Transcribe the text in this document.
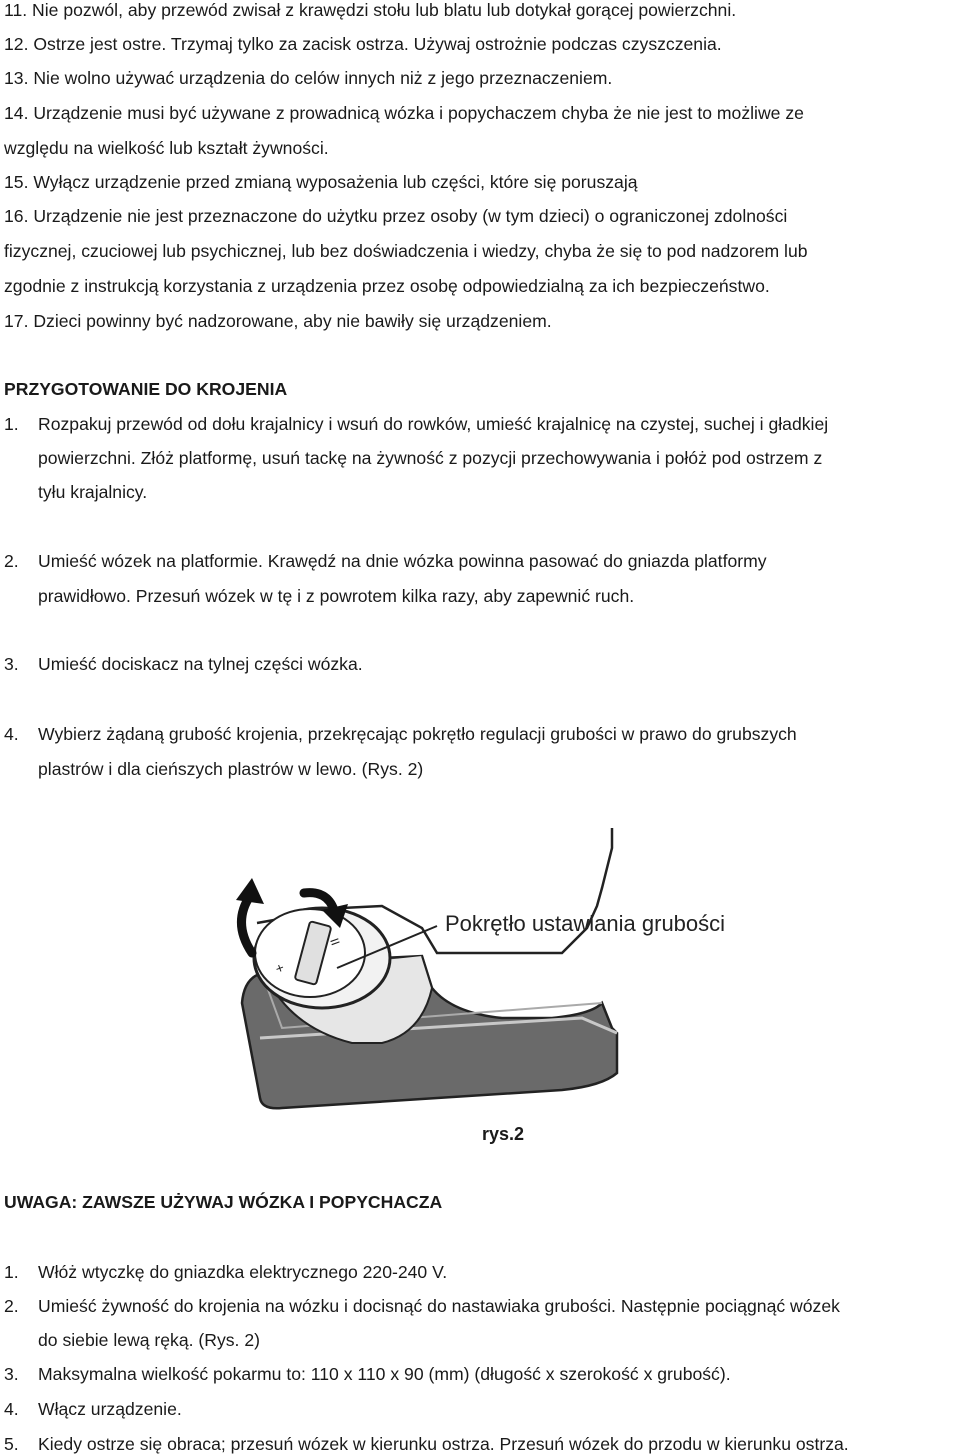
11. Nie pozwól, aby przewód zwisał z krawędzi stołu lub blatu lub dotykał gorącej powierzchni.

12. Ostrze jest ostre. Trzymaj tylko za zacisk ostrza. Używaj ostrożnie podczas czyszczenia.

13. Nie wolno używać urządzenia do celów innych niż z jego przeznaczeniem.

14. Urządzenie musi być używane z prowadnicą wózka i popychaczem chyba że nie jest to możliwe ze

względu na wielkość lub kształt żywności.

15. Wyłącz urządzenie przed zmianą wyposażenia lub części, które się poruszają

16. Urządzenie nie jest przeznaczone do użytku przez osoby (w tym dzieci) o ograniczonej zdolności

fizycznej, czuciowej lub psychicznej, lub bez doświadczenia i wiedzy, chyba że się to pod nadzorem lub

zgodnie z instrukcją korzystania z urządzenia przez osobę odpowiedzialną za ich bezpieczeństwo.

17. Dzieci powinny być nadzorowane, aby nie bawiły się urządzeniem.

PRZYGOTOWANIE DO KROJENIA

1. Rozpakuj przewód od dołu krajalnicy i wsuń do rowków, umieść krajalnicę na czystej, suchej i gładkiej

powierzchni. Złóż platformę, usuń tackę na żywność z pozycji przechowywania i połóż pod ostrzem z

tyłu krajalnicy.

2. Umieść wózek na platformie. Krawędź na dnie wózka powinna pasować do gniazda platformy

prawidłowo. Przesuń wózek w tę i z powrotem kilka razy, aby zapewnić ruch.

3. Umieść dociskacz na tylnej części wózka.

4. Wybierz żądaną grubość krojenia, przekręcając pokrętło regulacji grubości w prawo do grubszych

plastrów i dla cieńszych plastrów w lewo. (Rys. 2)

+
II
Pokrętło ustawiania grubości
rys.2

UWAGA: ZAWSZE UŻYWAJ WÓZKA I POPYCHACZA

1. Włóż wtyczkę do gniazdka elektrycznego 220-240 V.

2. Umieść żywność do krojenia na wózku i docisnąć do nastawiaka grubości. Następnie pociągnąć wózek

do siebie lewą ręką. (Rys. 2)

3. Maksymalna wielkość pokarmu to: 110 x 110 x 90 (mm) (długość x szerokość x grubość).

4. Włącz urządzenie.

5. Kiedy ostrze się obraca; przesuń wózek w kierunku ostrza. Przesuń wózek do przodu w kierunku ostrza.
